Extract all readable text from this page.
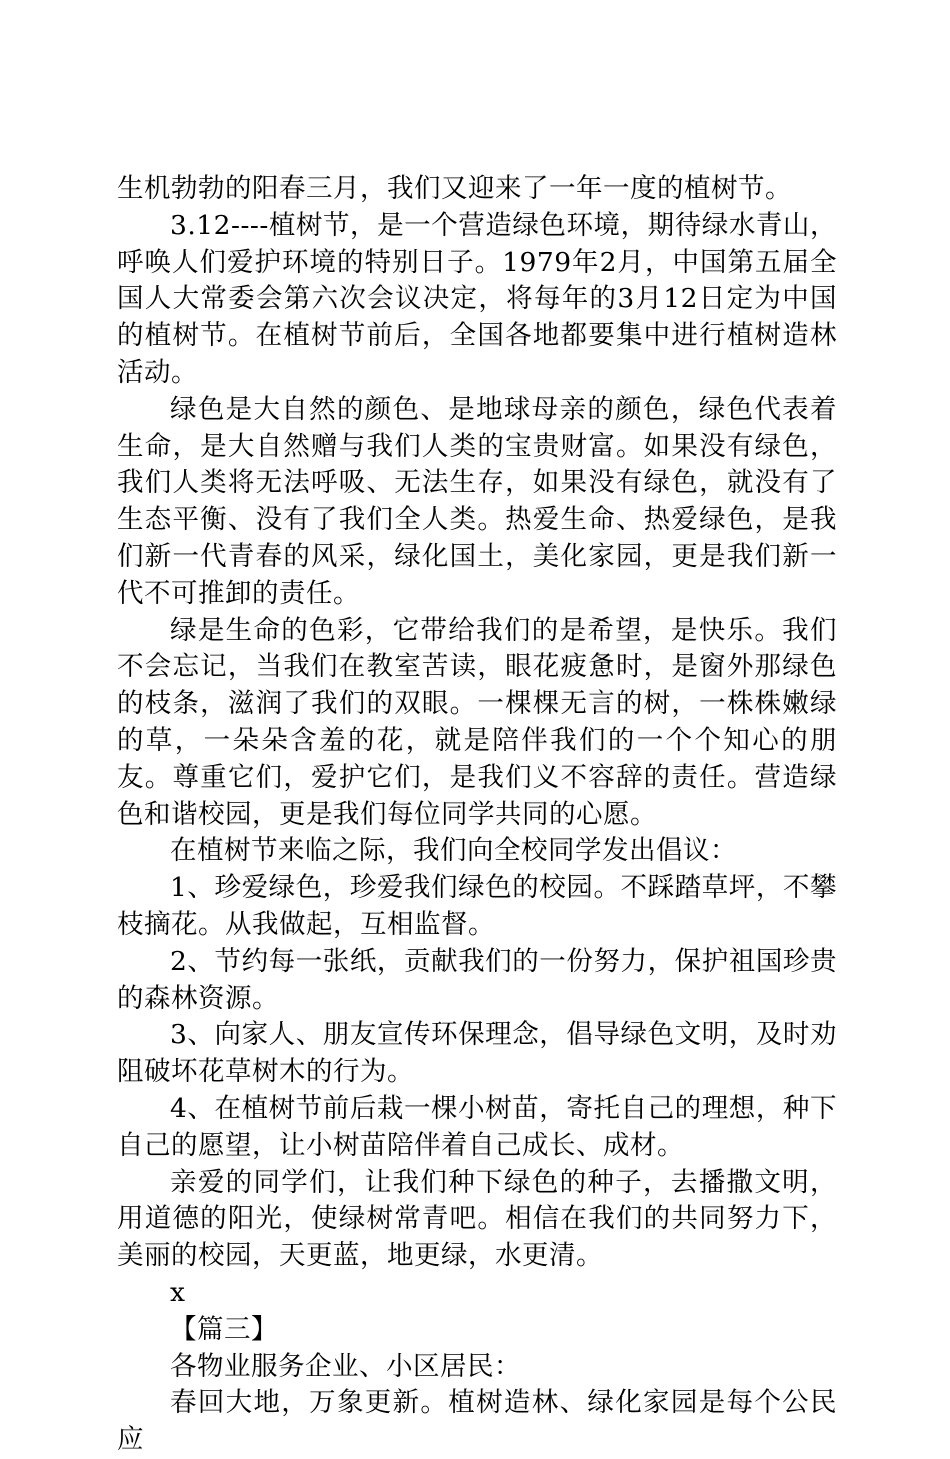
生机勃勃的阳春三月，我们又迎来了一年一度的植树节。

3.12----植树节，是一个营造绿色环境，期待绿水青山，呼唤人们爱护环境的特别日子。1979年2月，中国第五届全国人大常委会第六次会议决定，将每年的3月12日定为中国的植树节。在植树节前后，全国各地都要集中进行植树造林活动。

绿色是大自然的颜色、是地球母亲的颜色，绿色代表着生命，是大自然赠与我们人类的宝贵财富。如果没有绿色，我们人类将无法呼吸、无法生存，如果没有绿色，就没有了生态平衡、没有了我们全人类。热爱生命、热爱绿色，是我们新一代青春的风采，绿化国土，美化家园，更是我们新一代不可推卸的责任。

绿是生命的色彩，它带给我们的是希望，是快乐。我们不会忘记，当我们在教室苦读，眼花疲惫时，是窗外那绿色的枝条，滋润了我们的双眼。一棵棵无言的树，一株株嫩绿的草，一朵朵含羞的花，就是陪伴我们的一个个知心的朋友。尊重它们，爱护它们，是我们义不容辞的责任。营造绿色和谐校园，更是我们每位同学共同的心愿。

在植树节来临之际，我们向全校同学发出倡议：

1、珍爱绿色，珍爱我们绿色的校园。不踩踏草坪，不攀枝摘花。从我做起，互相监督。

2、节约每一张纸，贡献我们的一份努力，保护祖国珍贵的森林资源。

3、向家人、朋友宣传环保理念，倡导绿色文明，及时劝阻破坏花草树木的行为。

4、在植树节前后栽一棵小树苗，寄托自己的理想，种下自己的愿望，让小树苗陪伴着自己成长、成材。

亲爱的同学们，让我们种下绿色的种子，去播撒文明，用道德的阳光，使绿树常青吧。相信在我们的共同努力下，美丽的校园，天更蓝，地更绿，水更清。

x

【篇三】

各物业服务企业、小区居民：

春回大地，万象更新。植树造林、绿化家园是每个公民应
